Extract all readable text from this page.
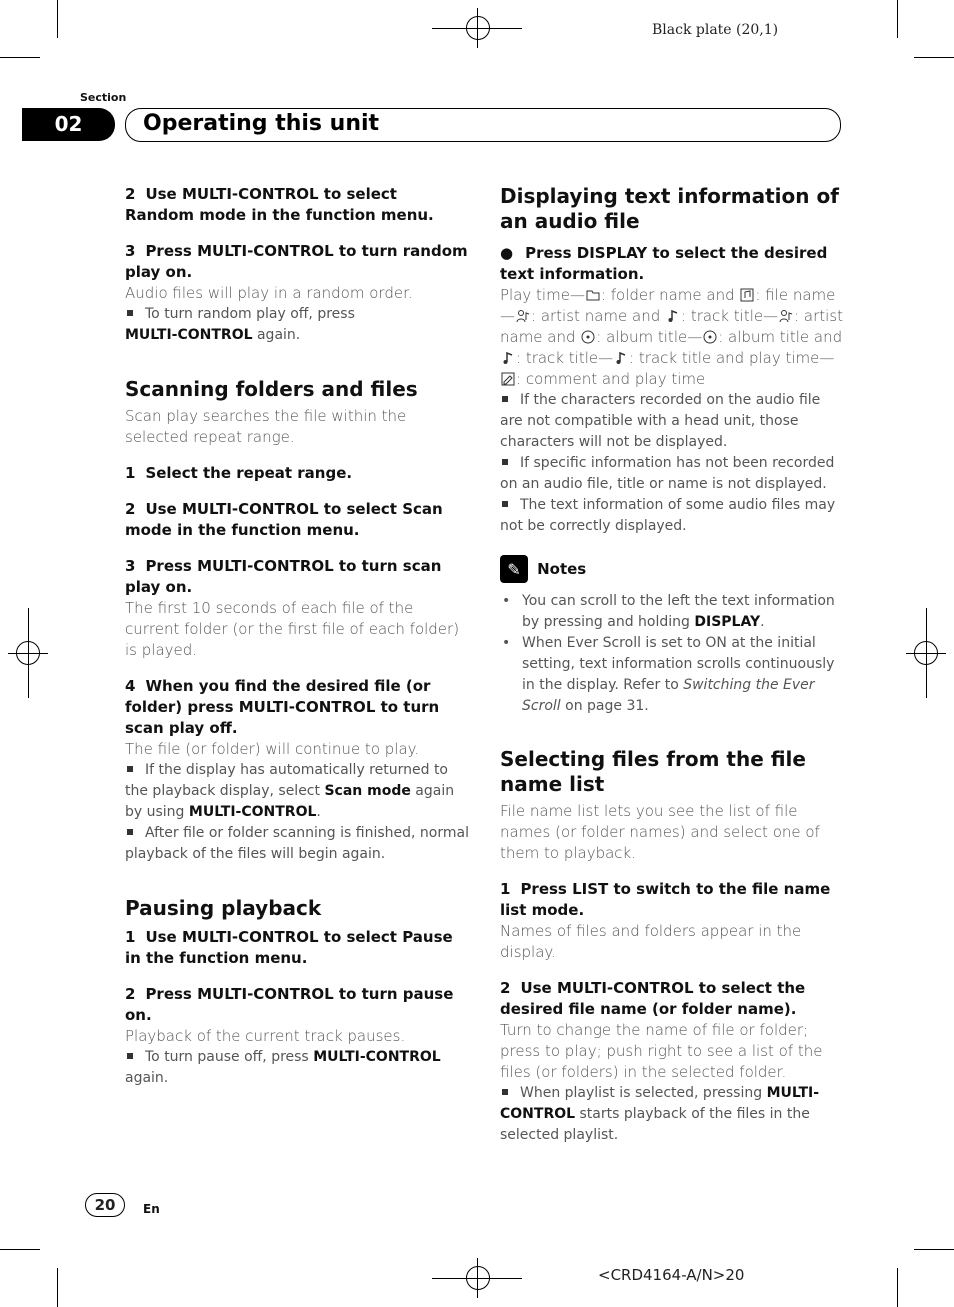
Black plate (20,1)
Section
02	Operating this unit

2 Use MULTI-CONTROL to select Random mode in the function menu.

3 Press MULTI-CONTROL to turn random play on.

Audio files will play in a random order.

To turn random play off, press
MULTI-CONTROL again.

Scanning folders and files

Scan play searches the file within the selected repeat range.

1 Select the repeat range.

2 Use MULTI-CONTROL to select Scan mode in the function menu.

3 Press MULTI-CONTROL to turn scan play on.

The first 10 seconds of each file of the current folder (or the first file of each folder) is played.

4 When you find the desired file (or folder) press MULTI-CONTROL to turn scan play off.

The file (or folder) will continue to play.

If the display has automatically returned to the playback display, select Scan mode again by using MULTI-CONTROL.

After file or folder scanning is finished, normal playback of the files will begin again.

Pausing playback

1 Use MULTI-CONTROL to select Pause in the function menu.

2 Press MULTI-CONTROL to turn pause on.

Playback of the current track pauses.

To turn pause off, press MULTI-CONTROL again.

Displaying text information of an audio file

● Press DISPLAY to select the desired text information.

Play time— : folder name and : file name — : artist name and : track title— : artist name and : album title— : album title and : track title— : track title and play time—: comment and play time

If the characters recorded on the audio file are not compatible with a head unit, those characters will not be displayed.

If specific information has not been recorded on an audio file, title or name is not displayed.

The text information of some audio files may not be correctly displayed.

✎ Notes
• You can scroll to the left the text information by pressing and holding DISPLAY.
• When Ever Scroll is set to ON at the initial setting, text information scrolls continuously in the display. Refer to Switching the Ever Scroll on page 31.
Selecting files from the file name list

File name list lets you see the list of file names (or folder names) and select one of them to playback.

1 Press LIST to switch to the file name list mode.

Names of files and folders appear in the display.

2 Use MULTI-CONTROL to select the desired file name (or folder name).

Turn to change the name of file or folder; press to play; push right to see a list of the files (or folders) in the selected folder.

When playlist is selected, pressing MULTI-CONTROL starts playback of the files in the selected playlist.

20	En
<CRD4164-A/N>20
